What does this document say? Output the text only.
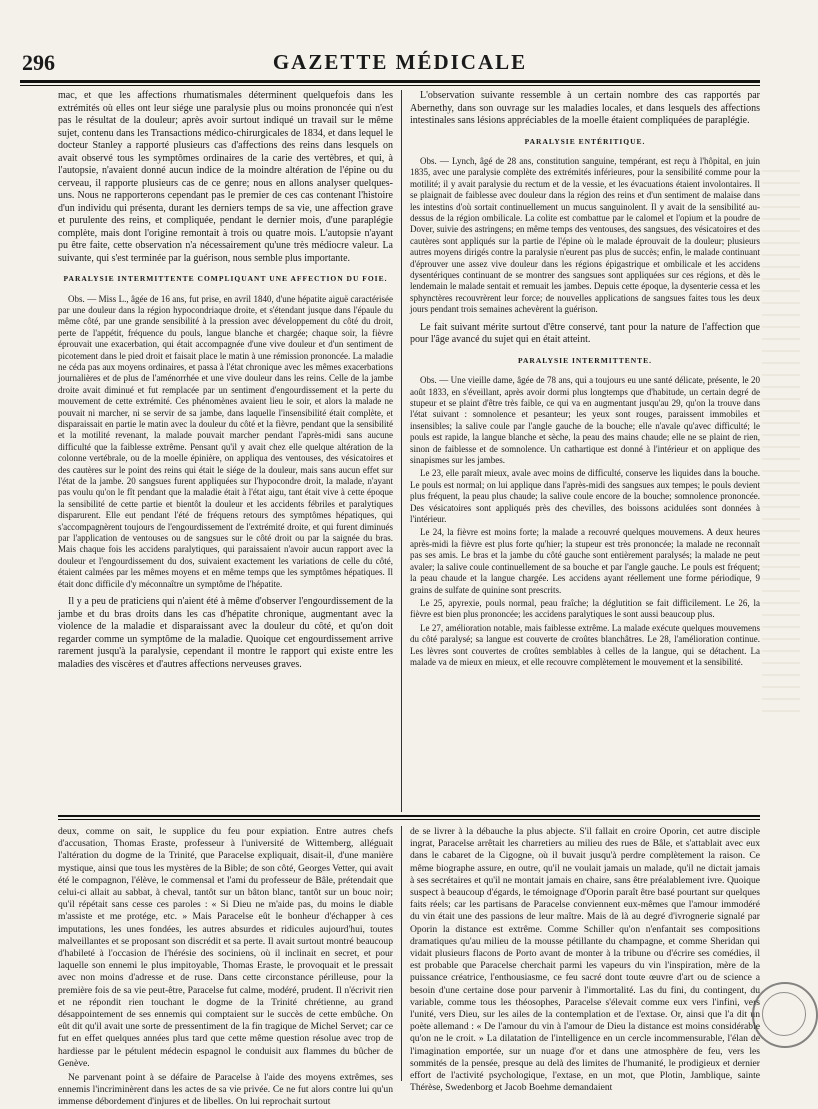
296	GAZETTE MÉDICALE

mac, et que les affections rhumatismales déterminent quelquefois dans les extrémités où elles ont leur siége une paralysie plus ou moins prononcée qui n'est pas le résultat de la douleur; après avoir surtout indiqué un travail sur le même sujet, contenu dans les Transactions médico-chirurgicales de 1834, et dans lequel le docteur Stanley a rapporté plusieurs cas d'affections des reins dans lesquels on avait observé tous les symptômes ordinaires de la carie des vertèbres, et qui, à l'autopsie, n'avaient donné aucun indice de la moindre altération de l'épine ou du cerveau, il rapporte plusieurs cas de ce genre; nous en allons analyser quelques-uns. Nous ne rapporterons cependant pas le premier de ces cas contenant l'histoire d'un individu qui présenta, durant les derniers temps de sa vie, une affection grave et purulente des reins, et compliquée, pendant le dernier mois, d'une paraplégie complète, mais dont l'origine remontait à trois ou quatre mois. L'autopsie n'ayant pu être faite, cette observation n'a nécessairement qu'une très médiocre valeur. La suivante, qui s'est terminée par la guérison, nous semble plus importante.

PARALYSIE INTERMITTENTE COMPLIQUANT UNE AFFECTION DU FOIE.

Obs. — Miss L., âgée de 16 ans, fut prise, en avril 1840, d'une hépatite aiguë caractérisée par une douleur dans la région hypocondriaque droite, et s'étendant jusque dans l'épaule du même côté, par une grande sensibilité à la pression avec développement du côté du droit, perte de l'appétit, fréquence du pouls, langue blanche et chargée; chaque soir, la fièvre éprouvait une exacerbation, qui était accompagnée d'une vive douleur et d'un sentiment de picotement dans le pied droit et faisait place le matin à une rémission prononcée. La maladie ne céda pas aux moyens ordinaires, et passa à l'état chronique avec les mêmes exacerbations journalières et de plus de l'aménorrhée et une vive douleur dans les reins. Celle de la jambe droite avait diminué et fut remplacée par un sentiment d'engourdissement et la perte du mouvement de cette extrémité. Ces phénomènes avaient lieu le soir, et alors la malade ne pouvait ni marcher, ni se servir de sa jambe, dans laquelle l'insensibilité était complète, et disparaissait en partie le matin avec la douleur du côté et la fièvre, pendant que la sensibilité et la motilité revenant, la malade pouvait marcher pendant l'après-midi sans aucune difficulté que la faiblesse extrême. Pensant qu'il y avait chez elle quelque altération de la colonne vertébrale, ou de la moelle épinière, on appliqua des ventouses, des vésicatoires et des cautères sur le point des reins qui était le siége de la douleur, mais sans aucun effet sur l'état de la jambe. 20 sangsues furent appliquées sur l'hypocondre droit, la malade, n'ayant pas voulu qu'on le fît pendant que la maladie était à l'état aigu, tant était vive à cette époque la sensibilité de cette partie et bientôt la douleur et les accidents fébriles et paralytiques disparurent. Elle eut pendant l'été de fréquens retours des symptômes hépatiques, qui s'accompagnèrent toujours de l'engourdissement de l'extrémité droite, et qui furent diminués par l'application de ventouses ou de sangsues sur le côté droit ou par la saignée du bras. Mais chaque fois les accidens paralytiques, qui paraissaient n'avoir aucun rapport avec la douleur et l'engourdissement du dos, suivaient exactement les variations de celle du côté, étaient calmées par les mêmes moyens et en même temps que les symptômes hépatiques. Il était donc difficile d'y méconnaître un symptôme de l'hépatite.

Il y a peu de praticiens qui n'aient été à même d'observer l'engourdissement de la jambe et du bras droits dans les cas d'hépatite chronique, augmentant avec la violence de la maladie et disparaissant avec la douleur du côté, et qu'on doit regarder comme un symptôme de la maladie. Quoique cet engourdissement arrive rarement jusqu'à la paralysie, cependant il montre le rapport qui existe entre les maladies des viscères et d'autres affections nerveuses graves.

L'observation suivante ressemble à un certain nombre des cas rapportés par Abernethy, dans son ouvrage sur les maladies locales, et dans lesquels des affections intestinales sans lésions appréciables de la moelle étaient compliquées de paraplégie.

PARALYSIE ENTÉRITIQUE.

Obs. — Lynch, âgé de 28 ans, constitution sanguine, tempérant, est reçu à l'hôpital, en juin 1835, avec une paralysie complète des extrémités inférieures, pour la sensibilité comme pour la motilité; il y avait paralysie du rectum et de la vessie, et les évacuations étaient involontaires. Il se plaignait de faiblesse avec douleur dans la région des reins et d'un sentiment de malaise dans les intestins d'où sortait continuellement un mucus sanguinolent. Il y avait de la sensibilité au-dessus de la région ombilicale. La colite est combattue par le calomel et l'opium et la poudre de Dover, suivie des astringens; en même temps des ventouses, des sangsues, des vésicatoires et des cautères sont appliqués sur la partie de l'épine où le malade éprouvait de la douleur; plusieurs autres moyens dirigés contre la paralysie n'eurent pas plus de succès; enfin, le malade continuant d'éprouver une assez vive douleur dans les régions épigastrique et ombilicale et les accidens dysentériques continuant de se montrer des sangsues sont appliquées sur ces régions, et dès le lendemain le malade sentait et remuait les jambes. Depuis cette époque, la dysenterie cessa et les sphynctères recouvrèrent leur force; de nouvelles applications de sangsues faites tous les deux jours pendant trois semaines achevèrent la guérison.

Le fait suivant mérite surtout d'être conservé, tant pour la nature de l'affection que pour l'âge avancé du sujet qui en était atteint.

PARALYSIE INTERMITTENTE.

Obs. — Une vieille dame, âgée de 78 ans, qui a toujours eu une santé délicate, présente, le 20 août 1833, en s'éveillant, après avoir dormi plus longtemps que d'habitude, un certain degré de stupeur et se plaint d'être très faible, ce qui va en augmentant jusqu'au 29, qu'on la trouve dans l'état suivant : somnolence et pesanteur; les yeux sont rouges, paraissent immobiles et insensibles; la salive coule par l'angle gauche de la bouche; elle n'avale qu'avec difficulté; le pouls est rapide, la langue blanche et sèche, la peau des mains chaude; elle ne se plaint de rien, sinon de faiblesse et de somnolence. Un cathartique est donné à l'intérieur et on applique des sinapismes sur les jambes.

Le 23, elle paraît mieux, avale avec moins de difficulté, conserve les liquides dans la bouche. Le pouls est normal; on lui applique dans l'après-midi des sangsues aux tempes; le pouls devient plus fréquent, la peau plus chaude; la salive coule encore de la bouche; somnolence prononcée. Des vésicatoires sont appliqués près des chevilles, des boissons acidulées sont données à l'intérieur.

Le 24, la fièvre est moins forte; la malade a recouvré quelques mouvemens. A deux heures après-midi la fièvre est plus forte qu'hier; la stupeur est très prononcée; la malade ne reconnaît pas ses amis. Le bras et la jambe du côté gauche sont entièrement paralysés; la malade ne peut avaler; la salive coule continuellement de sa bouche et par l'angle gauche. Le pouls est fréquent; la peau chaude et la langue chargée. Les accidens ayant réellement une forme périodique, 9 grains de sulfate de quinine sont prescrits.

Le 25, apyrexie, pouls normal, peau fraîche; la déglutition se fait difficilement. Le 26, la fièvre est bien plus prononcée; les accidens paralytiques le sont aussi beaucoup plus.

Le 27, amélioration notable, mais faiblesse extrême. La malade exécute quelques mouvemens du côté paralysé; sa langue est couverte de croûtes blanchâtres. Le 28, l'amélioration continue. Les lèvres sont couvertes de croûtes semblables à celles de la langue, qui se détachent. La malade va de mieux en mieux, et elle recouvre complètement le mouvement et la sensibilité.

deux, comme on sait, le supplice du feu pour expiation. Entre autres chefs d'accusation, Thomas Eraste, professeur à l'université de Wittemberg, alléguait l'altération du dogme de la Trinité, que Paracelse expliquait, disait-il, d'une manière mystique, ainsi que tous les mystères de la Bible; de son côté, Georges Vetter, qui avait été le compagnon, l'élève, le commensal et l'ami du professeur de Bâle, prétendait que celui-ci allait au sabbat, à cheval, tantôt sur un bâton blanc, tantôt sur un bouc noir; qu'il répétait sans cesse ces paroles : « Si Dieu ne m'aide pas, du moins le diable m'assiste et me protége, etc. » Mais Paracelse eût le bonheur d'échapper à ces imputations, les unes fondées, les autres absurdes et ridicules aujourd'hui, toutes malveillantes et se proposant son discrédit et sa perte. Il avait surtout montré beaucoup d'habileté à l'occasion de l'hérésie des sociniens, où il inclinait en secret, et pour laquelle son ennemi le plus impitoyable, Thomas Eraste, le provoquait et le pressait avec non moins d'adresse et de ruse. Dans cette circonstance périlleuse, pour la première fois de sa vie peut-être, Paracelse fut calme, modéré, prudent. Il n'écrivit rien et ne répondit rien touchant le dogme de la Trinité chrétienne, au grand désappointement de ses ennemis qui comptaient sur le succès de cette embûche. On eût dit qu'il avait une sorte de pressentiment de la fin tragique de Michel Servet; car ce fut en effet quelques années plus tard que cette même question résolue avec trop de hardiesse par le pétulent médecin espagnol le conduisit aux flammes du bûcher de Genève.

Ne parvenant point à se défaire de Paracelse à l'aide des moyens extrêmes, ses ennemis l'incriminèrent dans les actes de sa vie privée. Ce ne fut alors contre lui qu'un immense débordement d'injures et de libelles. On lui reprochait surtout

de se livrer à la débauche la plus abjecte. S'il fallait en croire Oporin, cet autre disciple ingrat, Paracelse arrêtait les charretiers au milieu des rues de Bâle, et s'attablait avec eux dans le cabaret de la Cigogne, où il buvait jusqu'à perdre complètement la raison. Ce même biographe assure, en outre, qu'il ne voulait jamais un malade, qu'il ne dictait jamais à ses secrétaires et qu'il ne montait jamais en chaire, sans être préalablement ivre. Quoique suspect à beaucoup d'égards, le témoignage d'Oporin paraît être basé pourtant sur quelques faits réels; car les partisans de Paracelse conviennent eux-mêmes que l'amour immodéré du vin était une des passions de leur maître. Mais de là au degré d'ivrognerie signalé par Oporin la distance est extrême. Comme Schiller qu'on n'enfantait ses compositions dramatiques qu'au milieu de la mousse pétillante du champagne, et comme Sheridan qui vidait plusieurs flacons de Porto avant de monter à la tribune ou d'écrire ses comédies, il est probable que Paracelse cherchait parmi les vapeurs du vin l'inspiration, mère de la puissance créatrice, l'enthousiasme, ce feu sacré dont toute œuvre d'art ou de science a besoin d'une certaine dose pour parvenir à l'immortalité. Las du fini, du contingent, du variable, comme tous les théosophes, Paracelse s'élevait comme eux vers l'infini, vers l'unité, vers Dieu, sur les ailes de la contemplation et de l'extase. Or, ainsi que l'a dit un poète allemand : « De l'amour du vin à l'amour de Dieu la distance est moins considérable qu'on ne le croit. » La dilatation de l'intelligence en un cercle incommensurable, l'élan de l'imagination emportée, sur un nuage d'or et dans une atmosphère de feu, vers les sommités de la pensée, presque au delà des limites de l'humanité, le prodigieux et dernier effort de l'activité psychologique, l'extase, en un mot, que Plotin, Jamblique, sainte Thérèse, Swedenborg et Jacob Boehme demandaient
